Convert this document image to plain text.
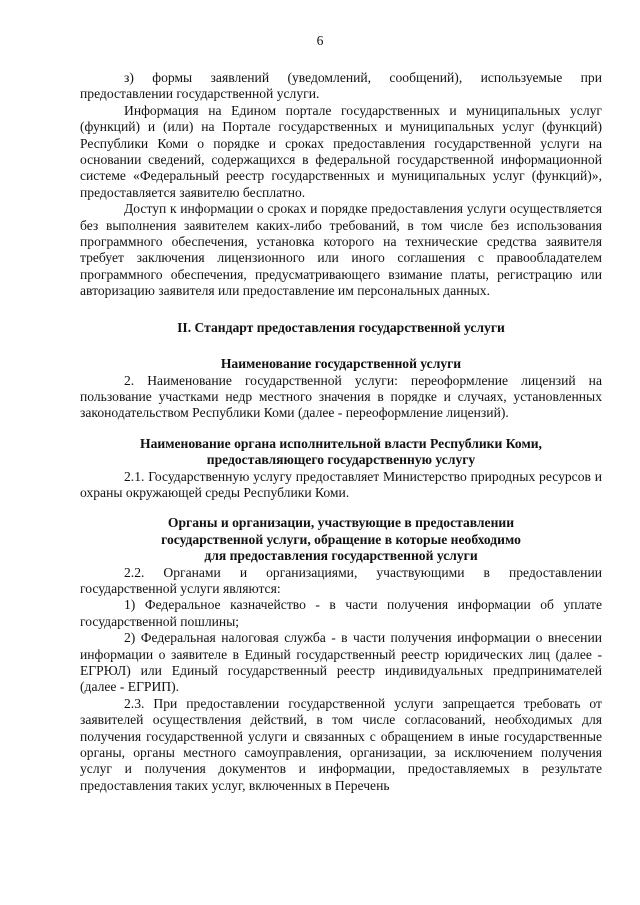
6

з) формы заявлений (уведомлений, сообщений), используемые при предоставлении государственной услуги.

Информация на Едином портале государственных и муниципальных услуг (функций) и (или) на Портале государственных и муниципальных услуг (функций) Республики Коми о порядке и сроках предоставления государственной услуги на основании сведений, содержащихся в федеральной государственной информационной системе «Федеральный реестр государственных и муниципальных услуг (функций)», предоставляется заявителю бесплатно.

Доступ к информации о сроках и порядке предоставления услуги осуществляется без выполнения заявителем каких-либо требований, в том числе без использования программного обеспечения, установка которого на технические средства заявителя требует заключения лицензионного или иного соглашения с правообладателем программного обеспечения, предусматривающего взимание платы, регистрацию или авторизацию заявителя или предоставление им персональных данных.

II. Стандарт предоставления государственной услуги
Наименование государственной услуги

2. Наименование государственной услуги: переоформление лицензий на пользование участками недр местного значения в порядке и случаях, установленных законодательством Республики Коми (далее - переоформление лицензий).

Наименование органа исполнительной власти Республики Коми,
предоставляющего государственную услугу

2.1. Государственную услугу предоставляет Министерство природных ресурсов и охраны окружающей среды Республики Коми.

Органы и организации, участвующие в предоставлении
государственной услуги, обращение в которые необходимо
для предоставления государственной услуги

2.2. Органами и организациями, участвующими в предоставлении государственной услуги являются:

1) Федеральное казначейство - в части получения информации об уплате государственной пошлины;

2) Федеральная налоговая служба - в части получения информации о внесении информации о заявителе в Единый государственный реестр юридических лиц (далее - ЕГРЮЛ) или Единый государственный реестр индивидуальных предпринимателей (далее - ЕГРИП).

2.3. При предоставлении государственной услуги запрещается требовать от заявителей осуществления действий, в том числе согласований, необходимых для получения государственной услуги и связанных с обращением в иные государственные органы, органы местного самоуправления, организации, за исключением получения услуг и получения документов и информации, предоставляемых в результате предоставления таких услуг, включенных в Перечень
